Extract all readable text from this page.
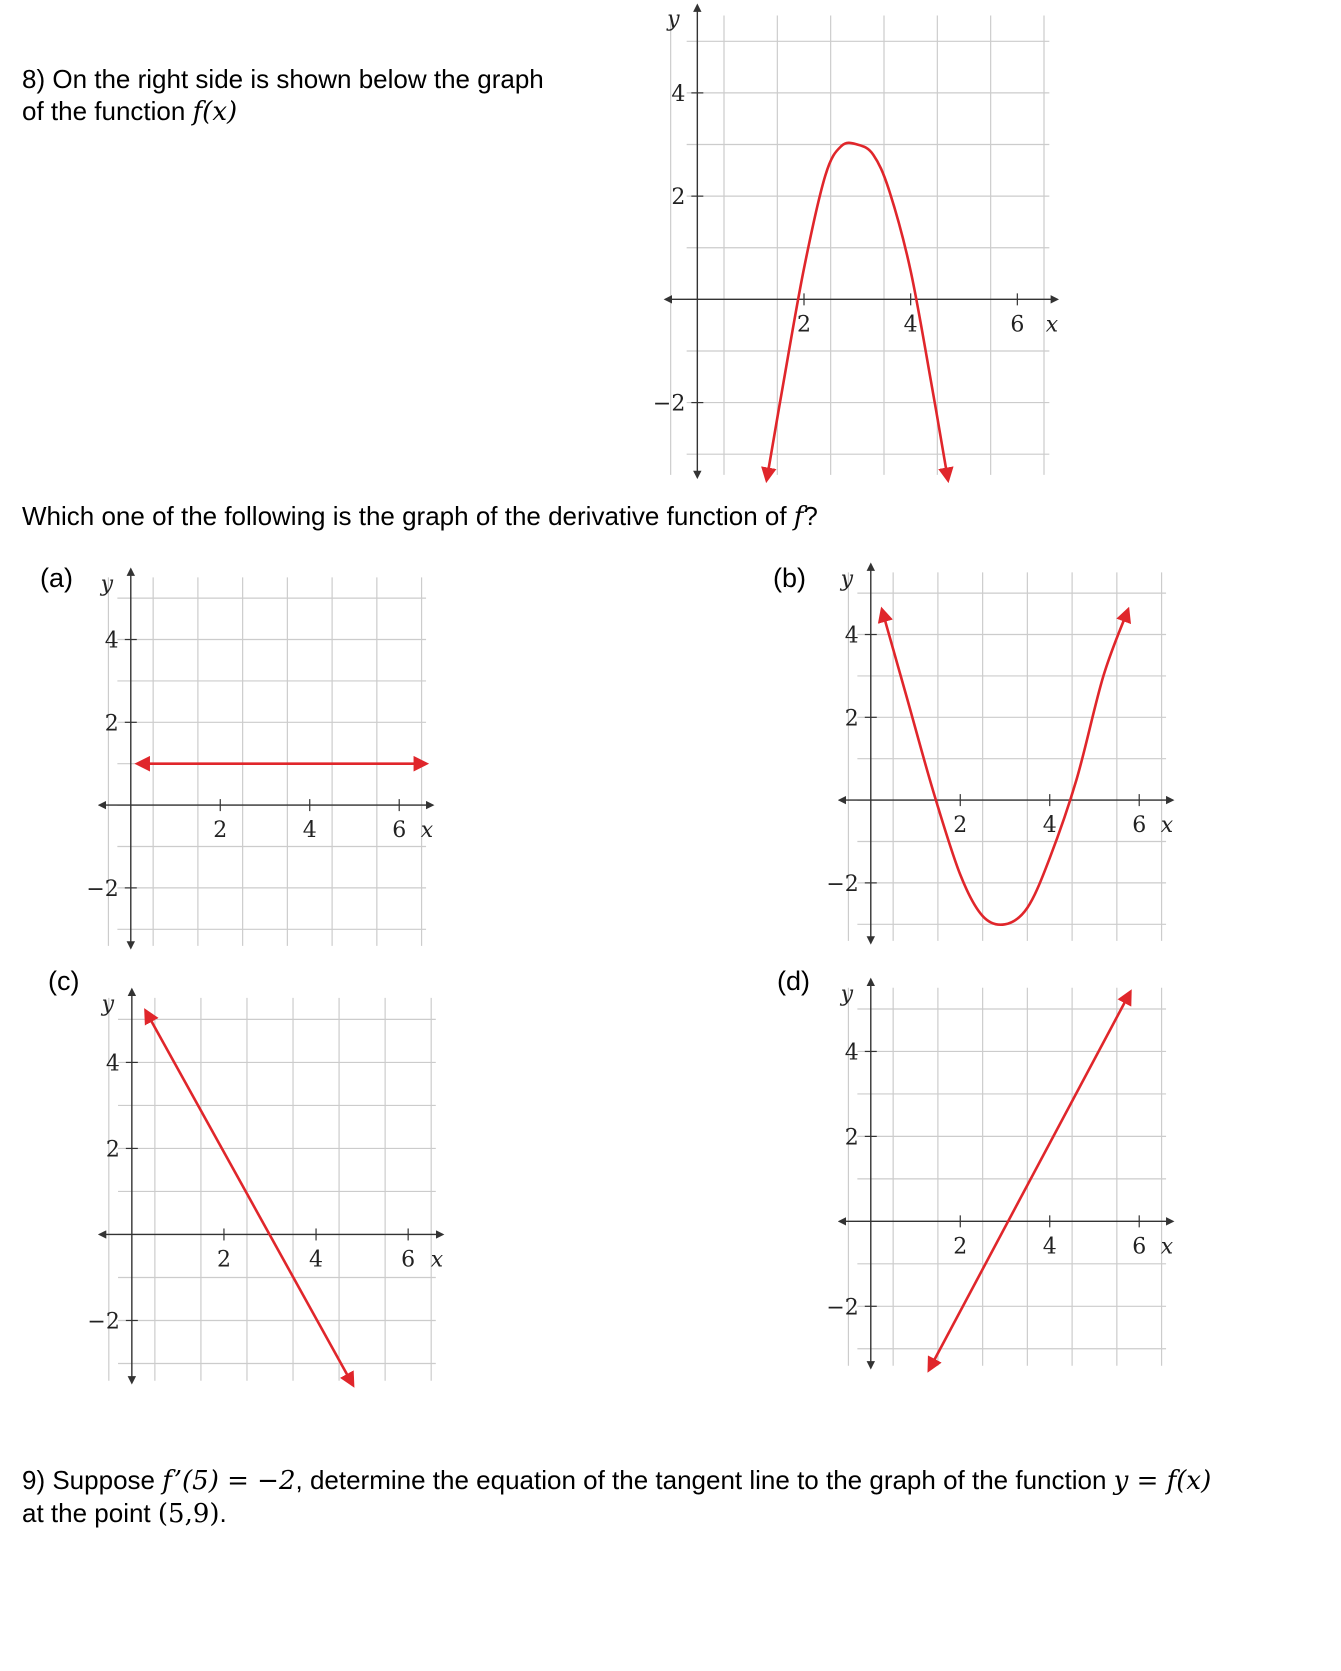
8) On the right side is shown below the graph
of the function f(x)
2	4	6
−2
2
4
x
y
Which one of the following is the graph of the derivative function of f?
(a)	(b)
(c)	(d)
2	4	6
−2
2
4
x
y
2	4	6
−2
2
4
x
y
2	4	6
−2
2
4
x
y
2	4	6
−2
2
4
x
y
9) Suppose f’(5) = −2, determine the equation of the tangent line to the graph of the function y = f(x)
at the point (5,9).
